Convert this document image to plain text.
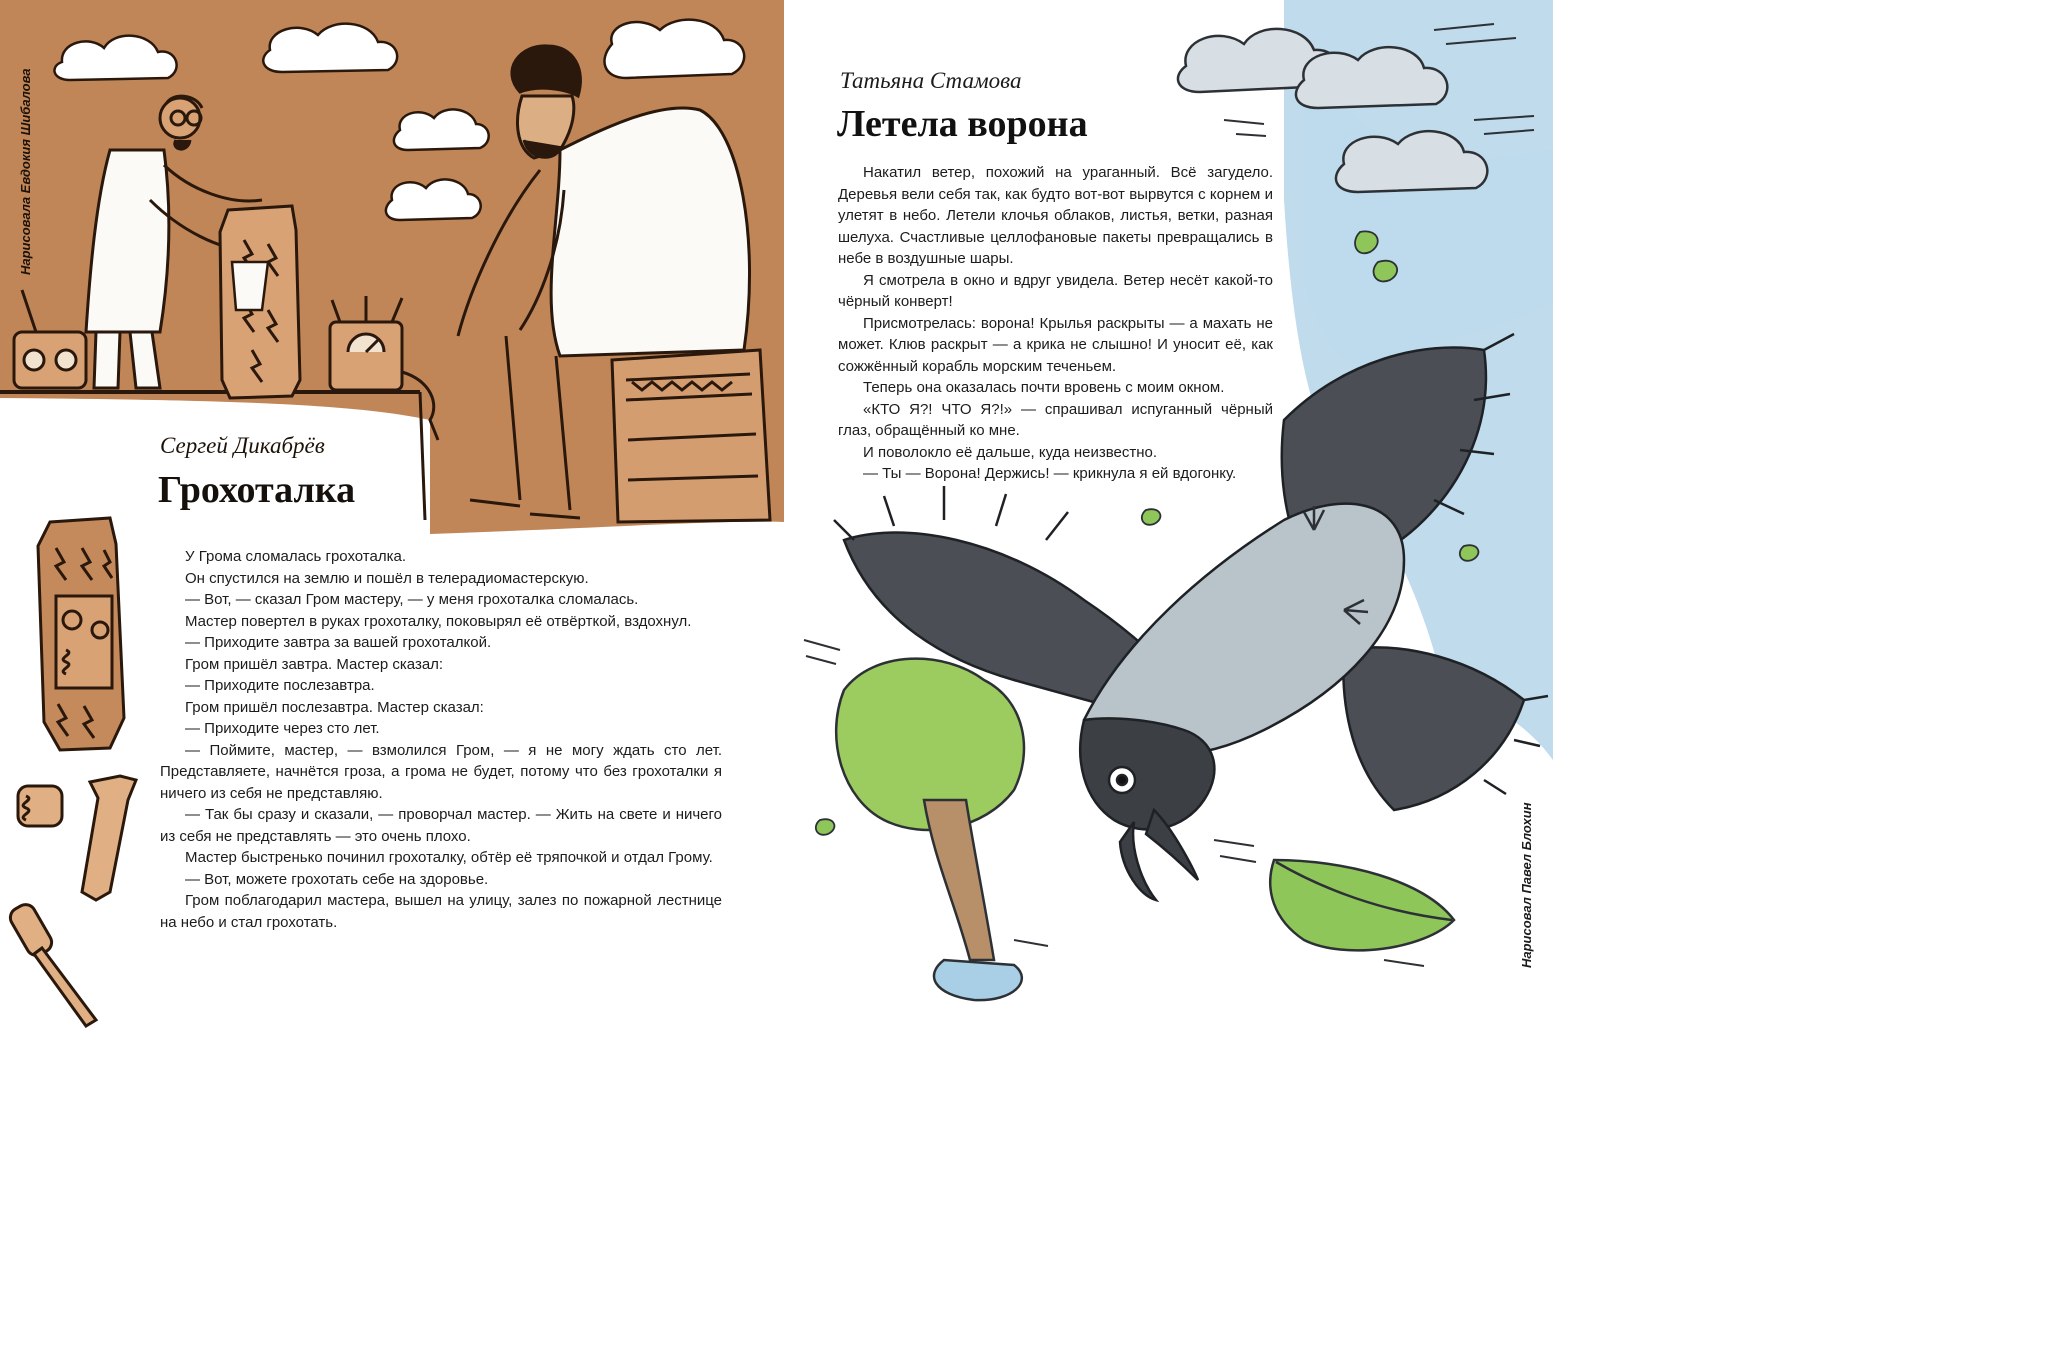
Нарисовала Евдокия Шибалова
Сергей Дикабрёв
Грохоталка

У Грома сломалась грохоталка.

Он спустился на землю и пошёл в телерадиомастерскую.

— Вот, — сказал Гром мастеру, — у меня грохоталка сломалась.

Мастер повертел в руках грохоталку, поковырял её отвёрткой, вздохнул.

— Приходите завтра за вашей грохоталкой.

Гром пришёл завтра. Мастер сказал:

— Приходите послезавтра.

Гром пришёл послезавтра. Мастер сказал:

— Приходите через сто лет.

— Поймите, мастер, — взмолился Гром, — я не могу ждать сто лет. Представляете, начнётся гроза, а грома не будет, потому что без грохоталки я ничего из себя не представляю.

— Так бы сразу и сказали, — проворчал мастер. — Жить на свете и ничего из себя не представлять — это очень плохо.

Мастер быстренько починил грохоталку, обтёр её тряпочкой и отдал Грому.

— Вот, можете грохотать себе на здоровье.

Гром поблагодарил мастера, вышел на улицу, залез по пожарной лестнице на небо и стал грохотать.

Татьяна Стамова
Летела ворона

Накатил ветер, похожий на ураганный. Всё загудело. Деревья вели себя так, как будто вот-вот вырвутся с корнем и улетят в небо. Летели клочья облаков, листья, ветки, разная шелуха. Счастливые целлофановые пакеты превращались в небе в воздушные шары.

Я смотрела в окно и вдруг увидела. Ветер несёт какой-то чёрный конверт!

Присмотрелась: ворона! Крылья раскрыты — а махать не может. Клюв раскрыт — а крика не слышно! И уносит её, как сожжённый корабль морским теченьем.

Теперь она оказалась почти вровень с моим окном.

«КТО Я?! ЧТО Я?!» — спрашивал испуганный чёрный глаз, обращённый ко мне.

И поволокло её дальше, куда неизвестно.

— Ты — Ворона! Держись! — крикнула я ей вдогонку.

Нарисовал Павел Блохин
